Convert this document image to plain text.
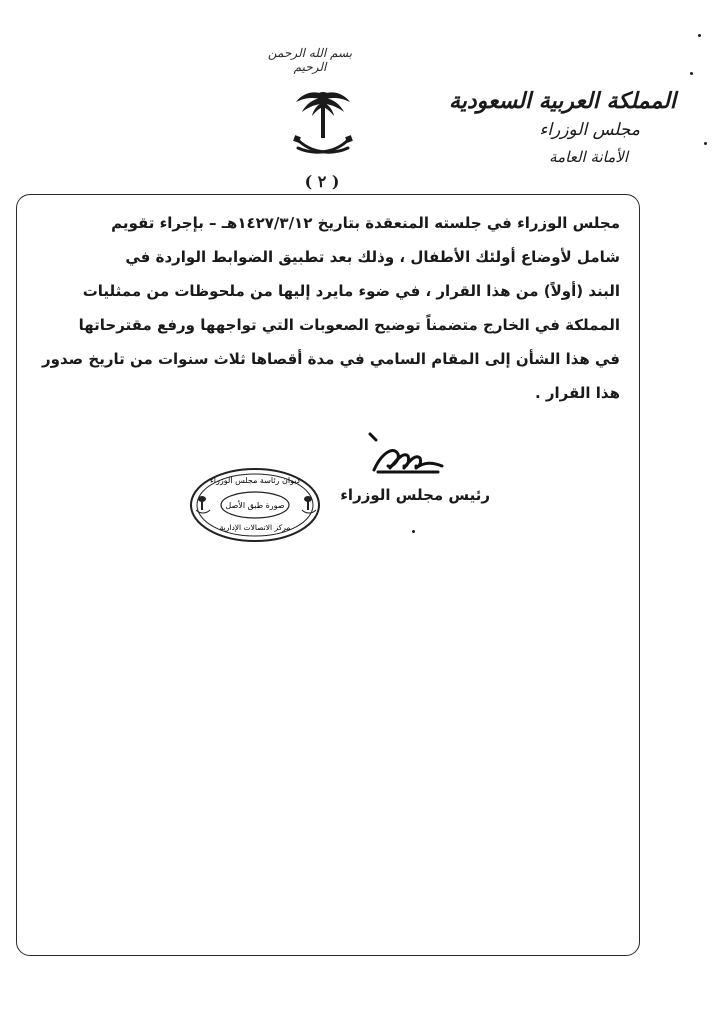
بسم الله الرحمن الرحيم
المملكة العربية السعودية
مجلس الوزراء
الأمانة العامة
( ٢ )
مجلس الوزراء في جلسته المنعقدة بتاريخ ١٤٢٧/٣/١٢هـ – بإجراء تقويم
شامل لأوضاع أولئك الأطفال ، وذلك بعد تطبيق الضوابط الواردة في
البند (أولاً) من هذا القرار ، في ضوء مايرد إليها من ملحوظات من ممثليات
المملكة في الخارج متضمناً توضيح الصعوبات التي تواجهها ورفع مقترحاتها
في هذا الشأن إلى المقام السامي في مدة أقصاها ثلاث سنوات من تاريخ صدور
هذا القرار .
رئيس مجلس الوزراء
ديوان رئاسة مجلس الوزراء
صورة طبق الأصل
مركز الاتصالات الإدارية
